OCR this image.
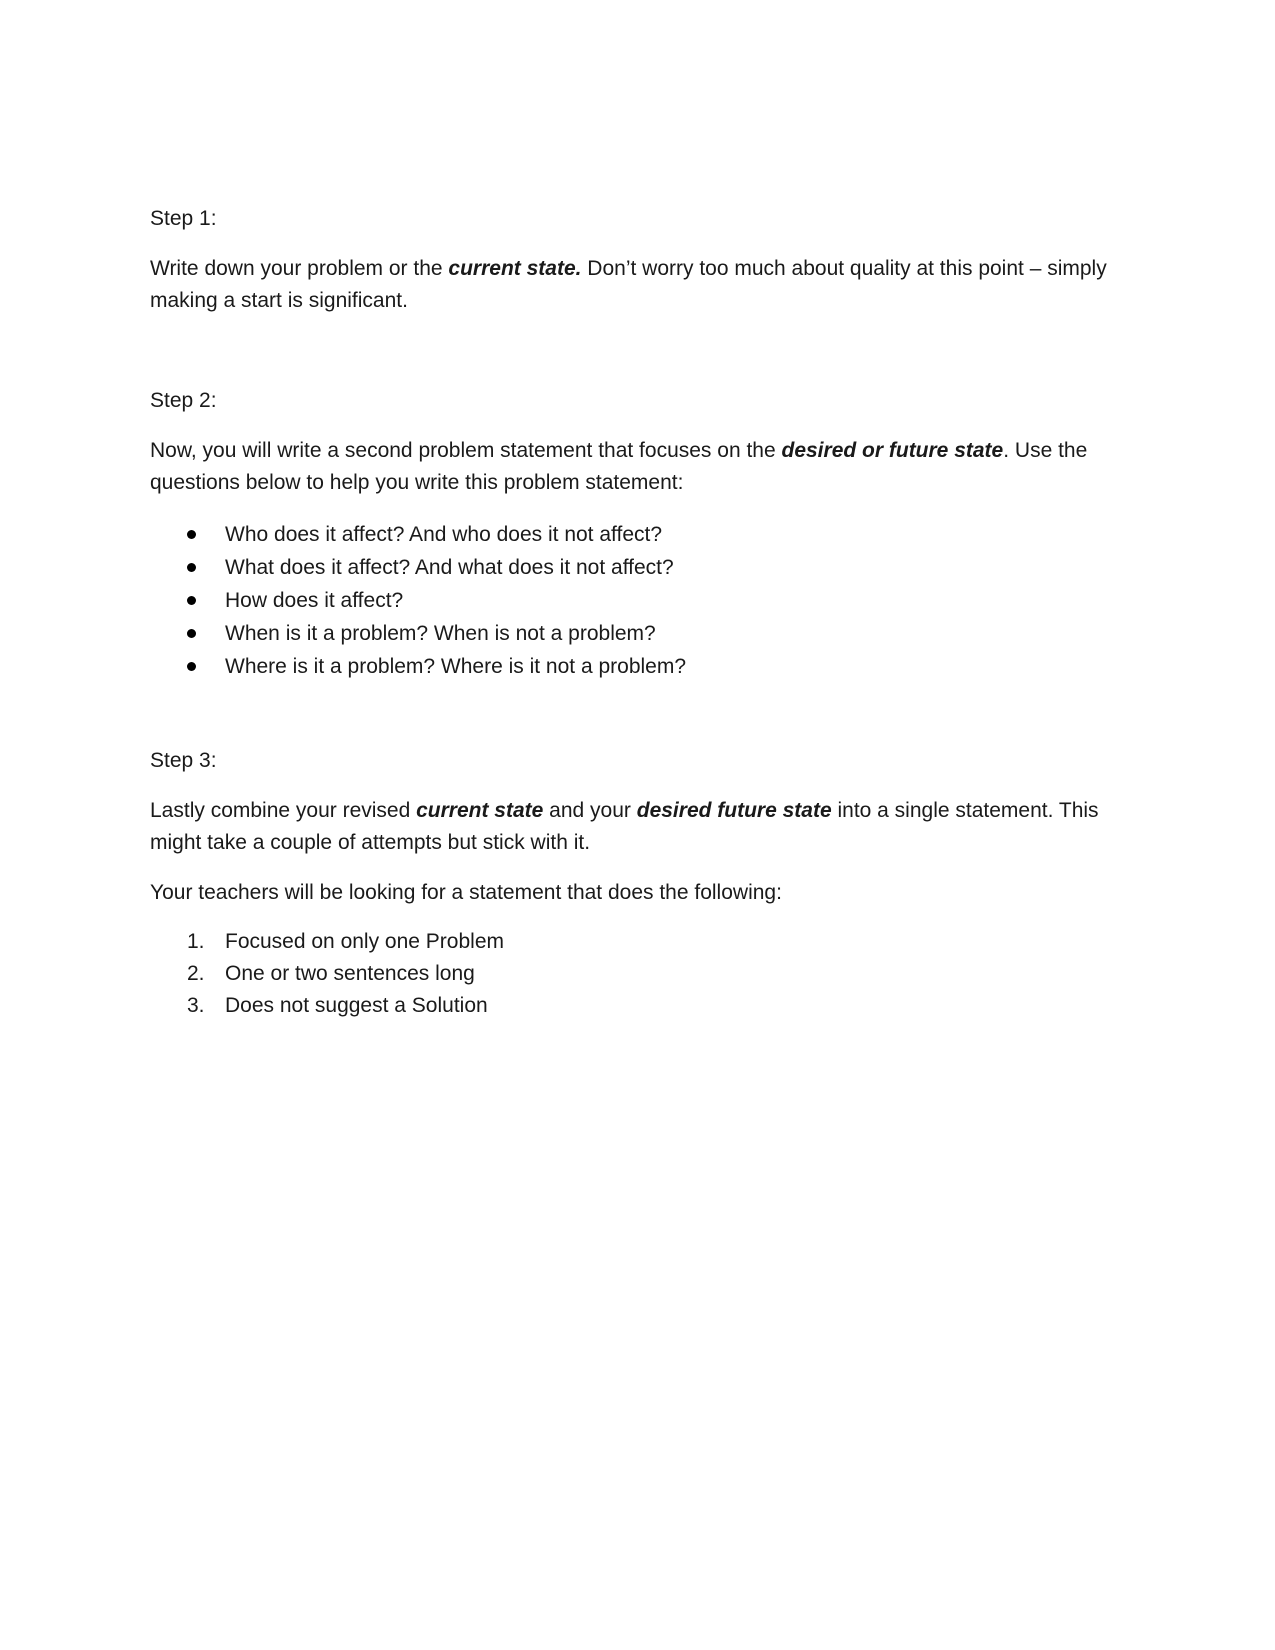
Step 1:

Write down your problem or the current state. Don’t worry too much about quality at this point – simply making a start is significant.

Step 2:

Now, you will write a second problem statement that focuses on the desired or future state. Use the questions below to help you write this problem statement:

Who does it affect? And who does it not affect?
What does it affect? And what does it not affect?
How does it affect?
When is it a problem? When is not a problem?
Where is it a problem? Where is it not a problem?

Step 3:

Lastly combine your revised current state and your desired future state into a single statement. This might take a couple of attempts but stick with it.

Your teachers will be looking for a statement that does the following:

1. Focused on only one Problem
2. One or two sentences long
3. Does not suggest a Solution
